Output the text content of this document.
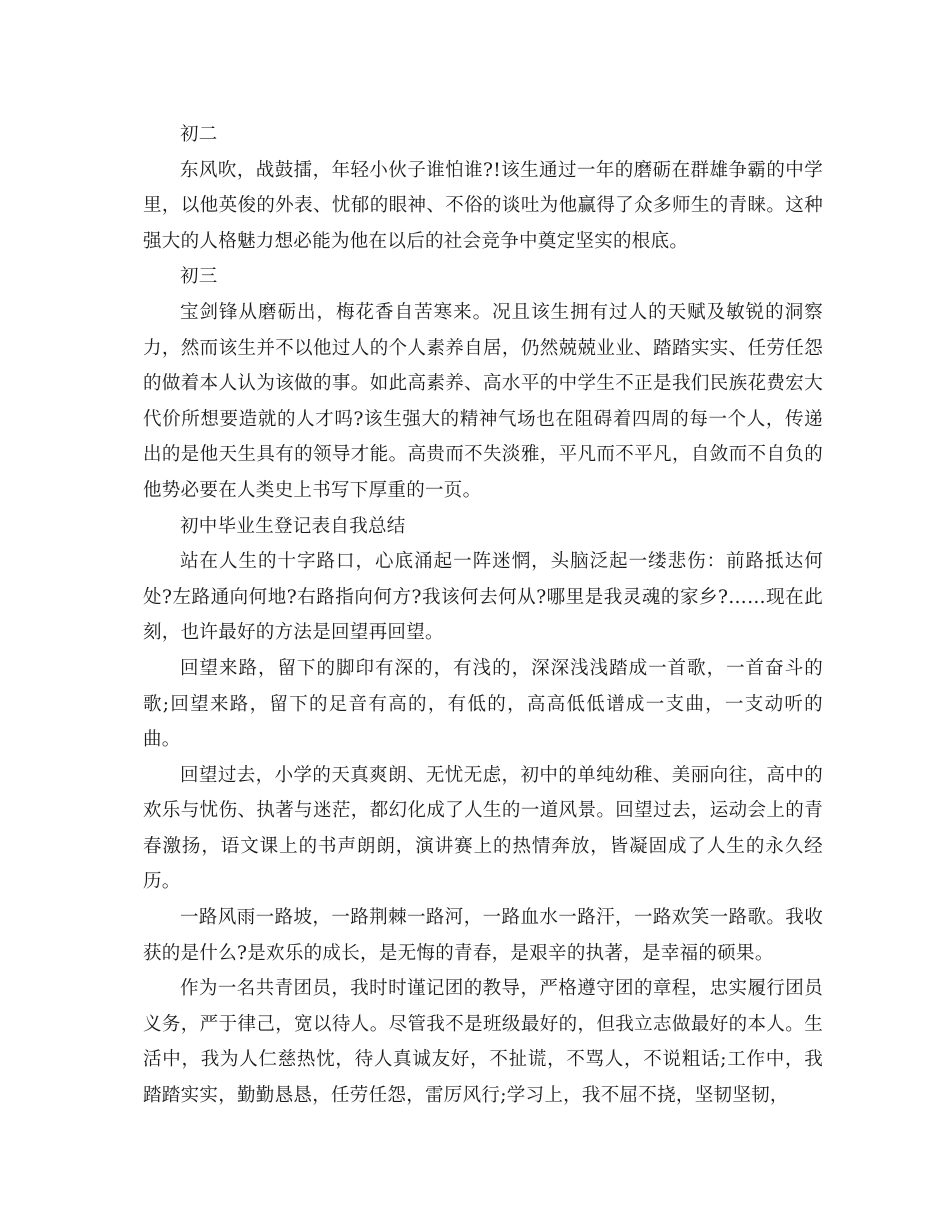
初二

东风吹，战鼓擂，年轻小伙子谁怕谁?!该生通过一年的磨砺在群雄争霸的中学里，以他英俊的外表、忧郁的眼神、不俗的谈吐为他赢得了众多师生的青睐。这种强大的人格魅力想必能为他在以后的社会竞争中奠定坚实的根底。

初三

宝剑锋从磨砺出，梅花香自苦寒来。况且该生拥有过人的天赋及敏锐的洞察力，然而该生并不以他过人的个人素养自居，仍然兢兢业业、踏踏实实、任劳任怨的做着本人认为该做的事。如此高素养、高水平的中学生不正是我们民族花费宏大代价所想要造就的人才吗?该生强大的精神气场也在阻碍着四周的每一个人，传递出的是他天生具有的领导才能。高贵而不失淡雅，平凡而不平凡，自敛而不自负的他势必要在人类史上书写下厚重的一页。

初中毕业生登记表自我总结

站在人生的十字路口，心底涌起一阵迷惘，头脑泛起一缕悲伤：前路抵达何处?左路通向何地?右路指向何方?我该何去何从?哪里是我灵魂的家乡?……现在此刻，也许最好的方法是回望再回望。

回望来路，留下的脚印有深的，有浅的，深深浅浅踏成一首歌，一首奋斗的歌;回望来路，留下的足音有高的，有低的，高高低低谱成一支曲，一支动听的曲。

回望过去，小学的天真爽朗、无忧无虑，初中的单纯幼稚、美丽向往，高中的欢乐与忧伤、执著与迷茫，都幻化成了人生的一道风景。回望过去，运动会上的青春激扬，语文课上的书声朗朗，演讲赛上的热情奔放，皆凝固成了人生的永久经历。

一路风雨一路坡，一路荆棘一路河，一路血水一路汗，一路欢笑一路歌。我收获的是什么?是欢乐的成长，是无悔的青春，是艰辛的执著，是幸福的硕果。

作为一名共青团员，我时时谨记团的教导，严格遵守团的章程，忠实履行团员义务，严于律己，宽以待人。尽管我不是班级最好的，但我立志做最好的本人。生活中，我为人仁慈热忱，待人真诚友好，不扯谎，不骂人，不说粗话;工作中，我踏踏实实，勤勤恳恳，任劳任怨，雷厉风行;学习上，我不屈不挠，坚韧坚韧，
